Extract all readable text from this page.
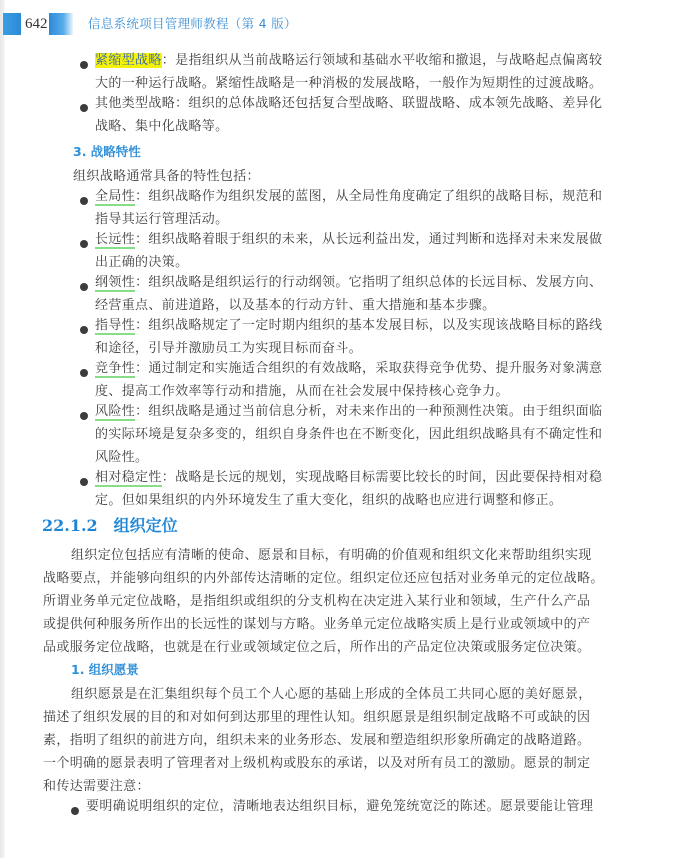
642	信息系统项目管理师教程（第 4 版）
紧缩型战略：是指组织从当前战略运行领域和基础水平收缩和撤退，与战略起点偏离较
大的一种运行战略。紧缩性战略是一种消极的发展战略，一般作为短期性的过渡战略。
其他类型战略：组织的总体战略还包括复合型战略、联盟战略、成本领先战略、差异化
战略、集中化战略等。
3. 战略特性
组织战略通常具备的特性包括：
全局性：组织战略作为组织发展的蓝图，从全局性角度确定了组织的战略目标，规范和
指导其运行管理活动。
长远性：组织战略着眼于组织的未来，从长远利益出发，通过判断和选择对未来发展做
出正确的决策。
纲领性：组织战略是组织运行的行动纲领。它指明了组织总体的长远目标、发展方向、
经营重点、前进道路，以及基本的行动方针、重大措施和基本步骤。
指导性：组织战略规定了一定时期内组织的基本发展目标，以及实现该战略目标的路线
和途径，引导并激励员工为实现目标而奋斗。
竞争性：通过制定和实施适合组织的有效战略，采取获得竞争优势、提升服务对象满意
度、提高工作效率等行动和措施，从而在社会发展中保持核心竞争力。
风险性：组织战略是通过当前信息分析，对未来作出的一种预测性决策。由于组织面临
的实际环境是复杂多变的，组织自身条件也在不断变化，因此组织战略具有不确定性和
风险性。
相对稳定性：战略是长远的规划，实现战略目标需要比较长的时间，因此要保持相对稳
定。但如果组织的内外环境发生了重大变化，组织的战略也应进行调整和修正。
22.1.2 组织定位
组织定位包括应有清晰的使命、愿景和目标，有明确的价值观和组织文化来帮助组织实现
战略要点，并能够向组织的内外部传达清晰的定位。组织定位还应包括对业务单元的定位战略。
所谓业务单元定位战略，是指组织或组织的分支机构在决定进入某行业和领域，生产什么产品
或提供何种服务所作出的长远性的谋划与方略。业务单元定位战略实质上是行业或领域中的产
品或服务定位战略，也就是在行业或领域定位之后，所作出的产品定位决策或服务定位决策。
1. 组织愿景
组织愿景是在汇集组织每个员工个人心愿的基础上形成的全体员工共同心愿的美好愿景，
描述了组织发展的目的和对如何到达那里的理性认知。组织愿景是组织制定战略不可或缺的因
素，指明了组织的前进方向，组织未来的业务形态、发展和塑造组织形象所确定的战略道路。
一个明确的愿景表明了管理者对上级机构或股东的承诺，以及对所有员工的激励。愿景的制定
和传达需要注意：
要明确说明组织的定位，清晰地表达组织目标，避免笼统宽泛的陈述。愿景要能让管理
